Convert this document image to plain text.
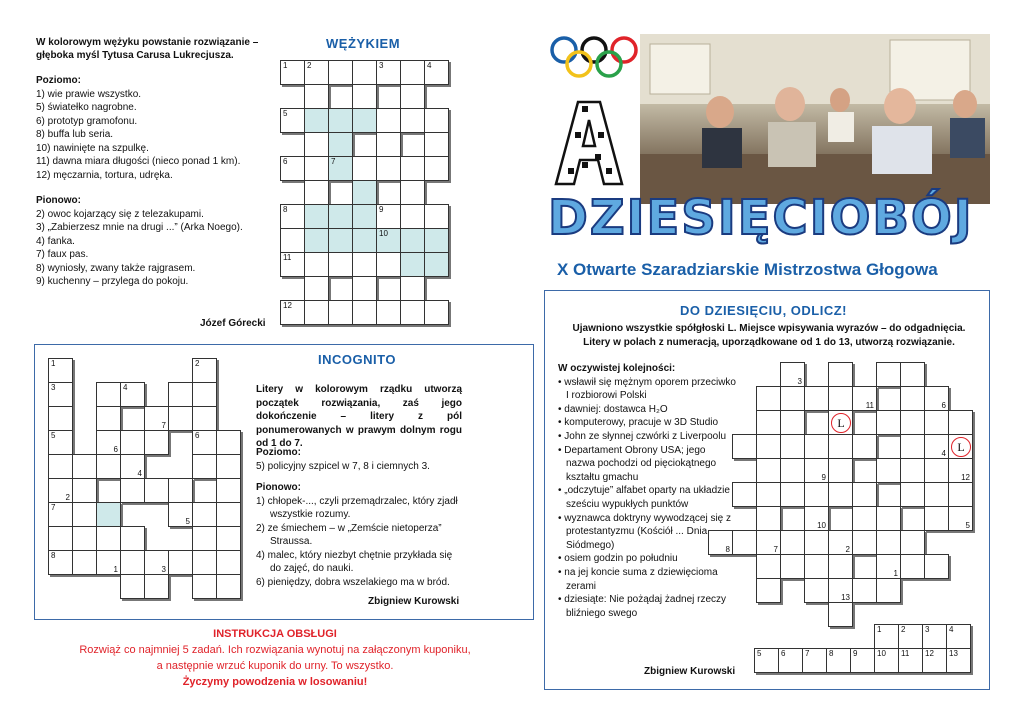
W kolorowym wężyku powstanie rozwiązanie – głęboka myśl Tytusa Carusa Lukrecjusza.
WĘŻYKIEM
Poziomo:
1) wie prawie wszystko.
5) światełko nagrobne.
6) prototyp gramofonu.
8) buffa lub seria.
10) nawinięte na szpulkę.
11) dawna miara długości (nieco ponad 1 km).
12) męczarnia, tortura, udręka.
Pionowo:
2) owoc kojarzący się z telezakupami.
3) „Zabierzesz mnie na drugi ...” (Arka Noego).
4) fanka.
7) faux pas.
8) wyniosły, zwany także rajgrasem.
9) kuchenny – przylega do pokoju.
Józef Górecki
1 2	3	4
5
6	7
8	9
10
11
12
1	2
3	4
7
5
6
6
4
2
7
5
8
1	3
INCOGNITO
Litery w kolorowym rządku utworzą początek rozwiązania, zaś jego dokończenie – litery z pól ponumerowanych w prawym dolnym rogu od 1 do 7.
Poziomo:
5) policyjny szpicel w 7, 8 i ciemnych 3.
Pionowo:
1) chłopek-..., czyli przemądrzalec, który zjadł wszystkie rozumy.
2) ze śmiechem – w „Zemście nietoperza” Straussa.
4) malec, który niezbyt chętnie przykłada się do zajęć, do nauki.
6) pieniędzy, dobra wszelakiego ma w bród.
Zbigniew Kurowski
INSTRUKCJA OBSŁUGI
Rozwiąż co najmniej 5 zadań. Ich rozwiązania wynotuj na załączonym kuponiku,
a następnie wrzuć kuponik do urny. To wszystko.
Życzymy powodzenia w losowaniu!
DZIESIĘCIOBÓJ
X Otwarte Szaradziarskie Mistrzostwa Głogowa
DO DZIESIĘCIU, ODLICZ!
Ujawniono wszystkie spółgłoski L. Miejsce wpisywania wyrazów – do odgadnięcia. Litery w polach z numeracją, uporządkowane od 1 do 13, utworzą rozwiązanie.
W oczywistej kolejności:
• wsławił się mężnym oporem przeciwko I rozbiorowi Polski
• dawniej: dostawca H₂O
• komputerowy, pracuje w 3D Studio
• John ze słynnej czwórki z Liverpoolu
• Departament Obrony USA; jego nazwa pochodzi od pięciokątnego kształtu gmachu
• „odczytuje” alfabet oparty na układzie sześciu wypukłych punktów
• wyznawca doktryny wywodzącej się z protestantyzmu (Kościół ... Dnia Siódmego)
• osiem godzin po południu
• na jej koncie suma z dziewięcioma zerami
• dziesiąte: Nie pożądaj żadnej rzeczy bliźniego swego
Zbigniew Kurowski
3
11	6
L
4 L
9	12
10	5
8	7	2
1
13
1 2 3 4
5 6 7 8 9 10 11 12 13
